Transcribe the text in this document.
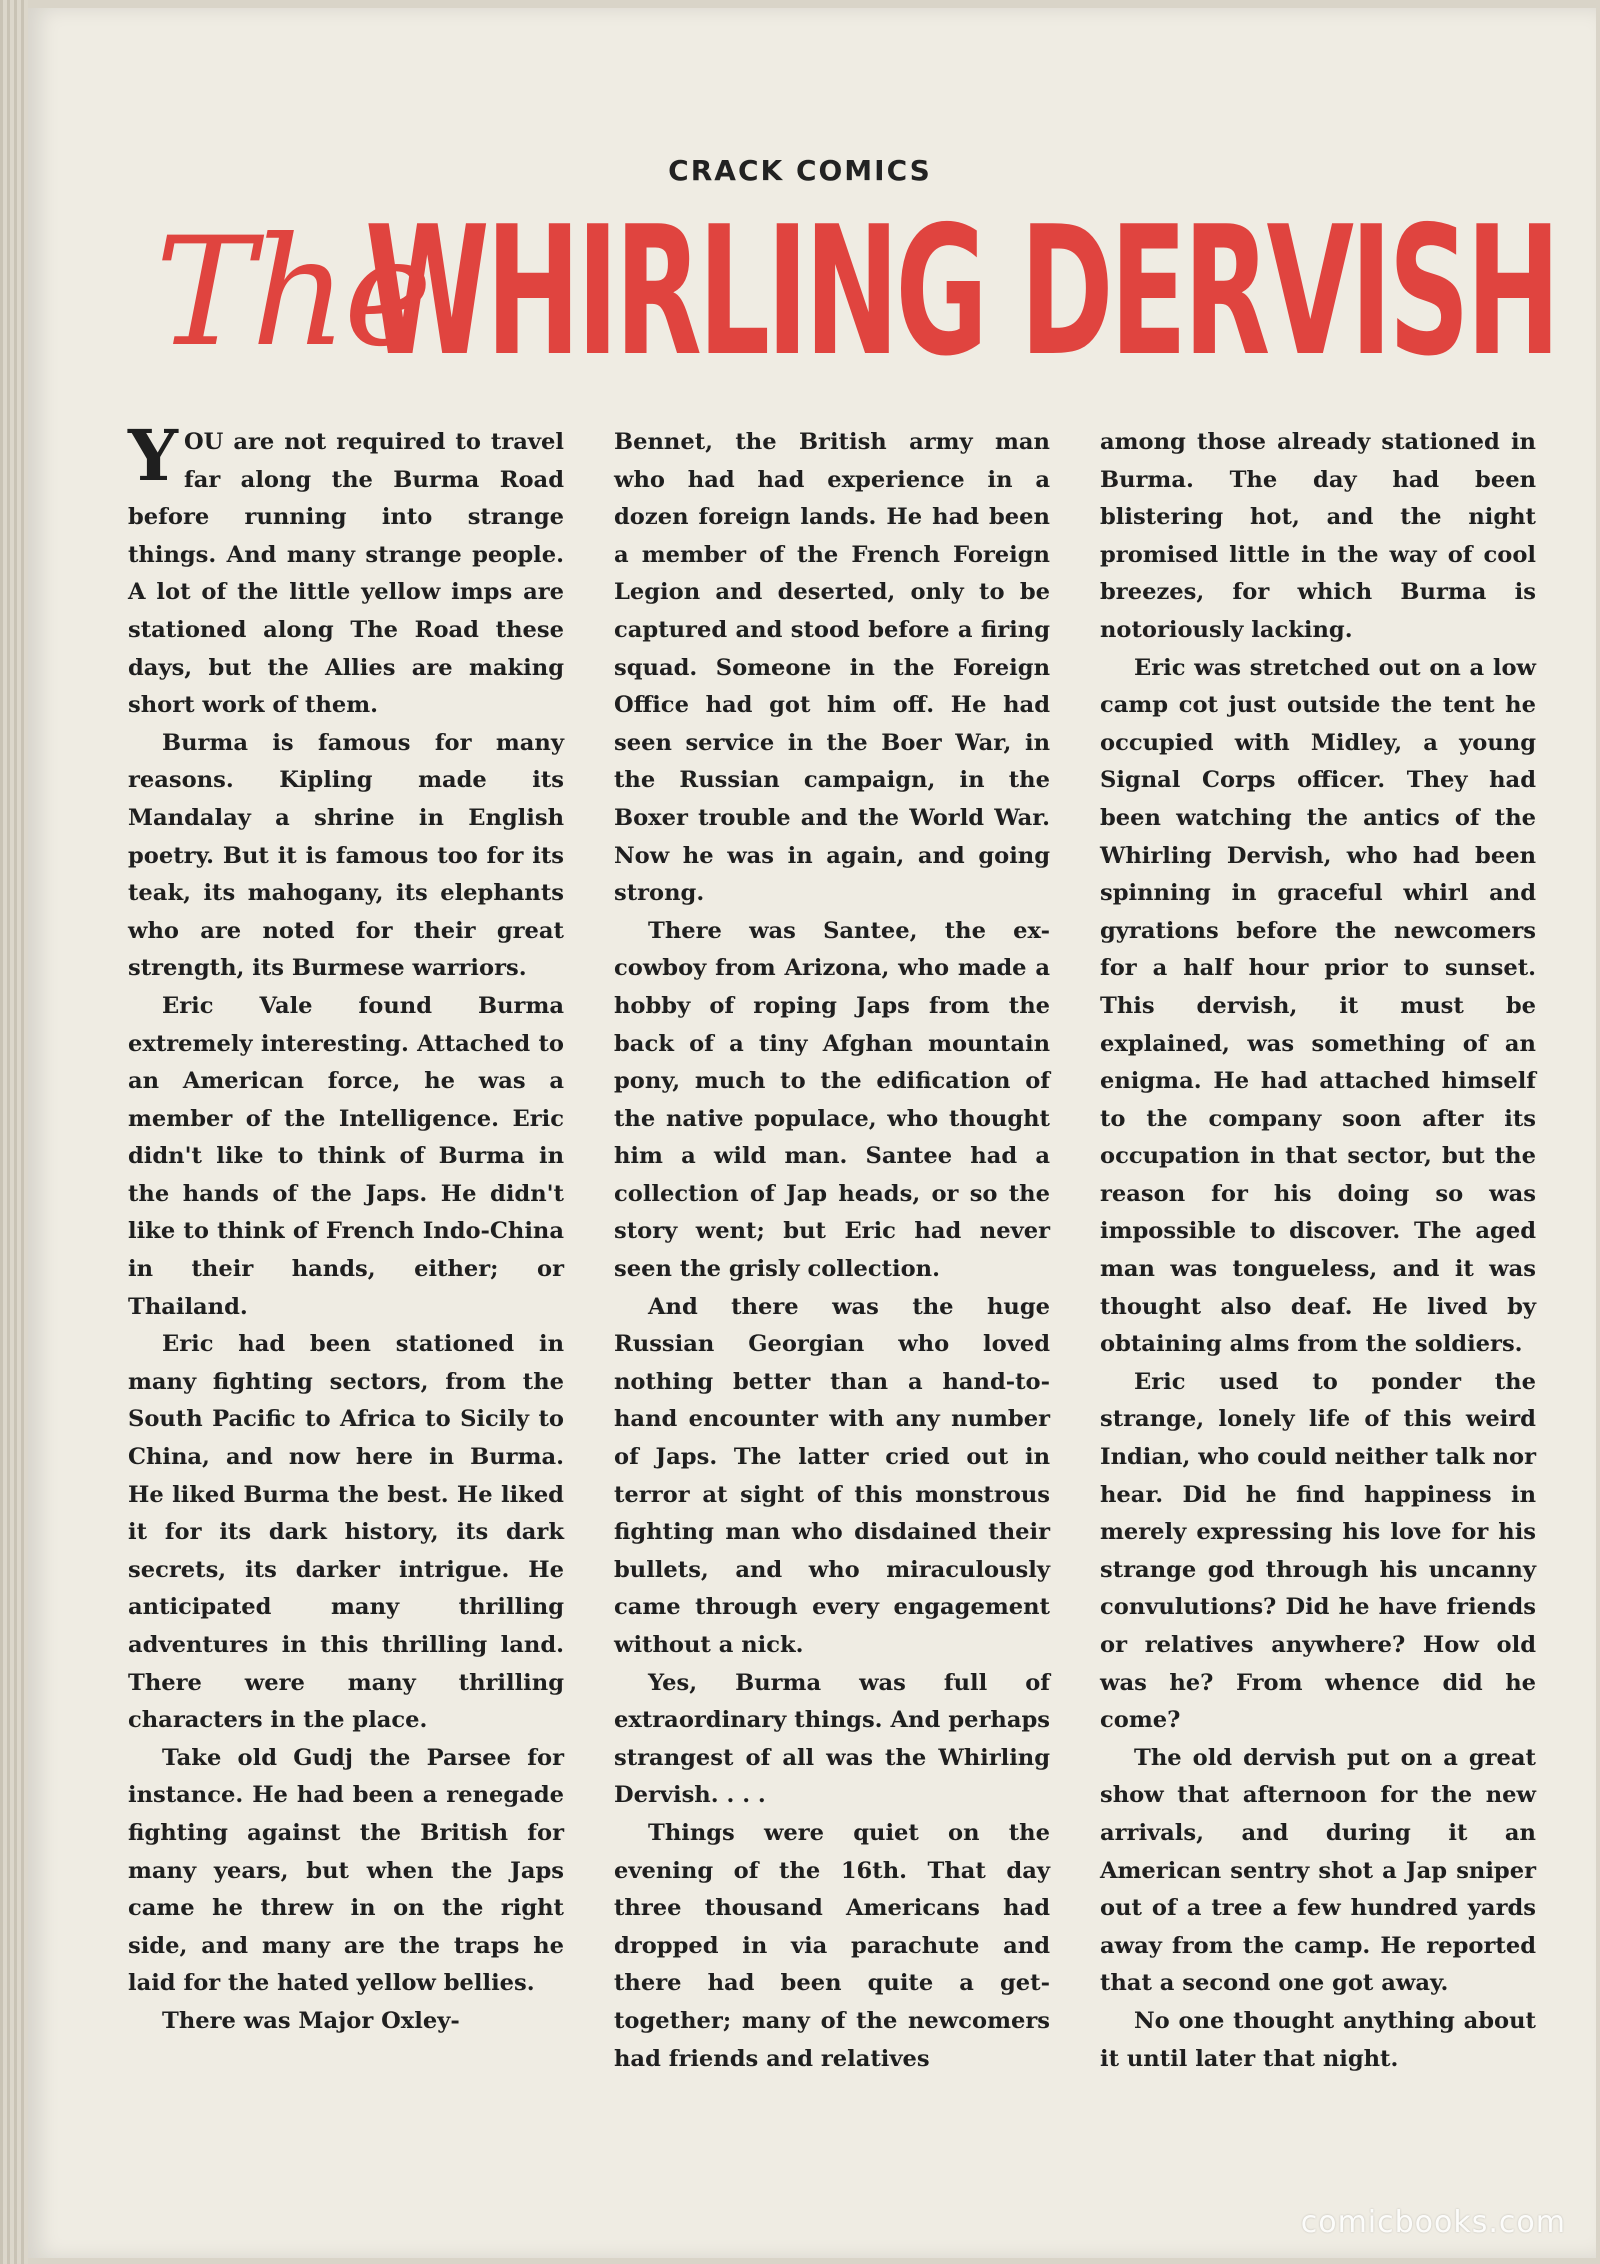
CRACK COMICS
The
WHIRLING DERVISH

YOU are not required to travel far along the Burma Road before running into strange things. And many strange people. A lot of the little yellow imps are stationed along The Road these days, but the Allies are making short work of them.

Burma is famous for many reasons. Kipling made its Mandalay a shrine in English poetry. But it is famous too for its teak, its mahogany, its elephants who are noted for their great strength, its Burmese warriors.

Eric Vale found Burma extremely interesting. Attached to an American force, he was a member of the Intelligence. Eric didn't like to think of Burma in the hands of the Japs. He didn't like to think of French Indo-China in their hands, either; or Thailand.

Eric had been stationed in many fighting sectors, from the South Pacific to Africa to Sicily to China, and now here in Burma. He liked Burma the best. He liked it for its dark history, its dark secrets, its darker intrigue. He anticipated many thrilling adventures in this thrilling land. There were many thrilling characters in the place.

Take old Gudj the Parsee for instance. He had been a renegade fighting against the British for many years, but when the Japs came he threw in on the right side, and many are the traps he laid for the hated yellow bellies.

There was Major Oxley-

Bennet, the British army man who had had experience in a dozen foreign lands. He had been a member of the French Foreign Legion and deserted, only to be captured and stood before a firing squad. Someone in the Foreign Office had got him off. He had seen service in the Boer War, in the Russian campaign, in the Boxer trouble and the World War. Now he was in again, and going strong.

There was Santee, the ex-cowboy from Arizona, who made a hobby of roping Japs from the back of a tiny Afghan mountain pony, much to the edification of the native populace, who thought him a wild man. Santee had a collection of Jap heads, or so the story went; but Eric had never seen the grisly collection.

And there was the huge Russian Georgian who loved nothing better than a hand-to-hand encounter with any number of Japs. The latter cried out in terror at sight of this monstrous fighting man who disdained their bullets, and who miraculously came through every engagement without a nick.

Yes, Burma was full of extraordinary things. And perhaps strangest of all was the Whirling Dervish. . . .

Things were quiet on the evening of the 16th. That day three thousand Americans had dropped in via parachute and there had been quite a get-together; many of the newcomers had friends and relatives

among those already stationed in Burma. The day had been blistering hot, and the night promised little in the way of cool breezes, for which Burma is notoriously lacking.

Eric was stretched out on a low camp cot just outside the tent he occupied with Midley, a young Signal Corps officer. They had been watching the antics of the Whirling Dervish, who had been spinning in graceful whirl and gyrations before the newcomers for a half hour prior to sunset. This dervish, it must be explained, was something of an enigma. He had attached himself to the company soon after its occupation in that sector, but the reason for his doing so was impossible to discover. The aged man was tongueless, and it was thought also deaf. He lived by obtaining alms from the soldiers.

Eric used to ponder the strange, lonely life of this weird Indian, who could neither talk nor hear. Did he find happiness in merely expressing his love for his strange god through his uncanny convulutions? Did he have friends or relatives anywhere? How old was he? From whence did he come?

The old dervish put on a great show that afternoon for the new arrivals, and during it an American sentry shot a Jap sniper out of a tree a few hundred yards away from the camp. He reported that a second one got away.

No one thought anything about it until later that night.

comicbooks.com
